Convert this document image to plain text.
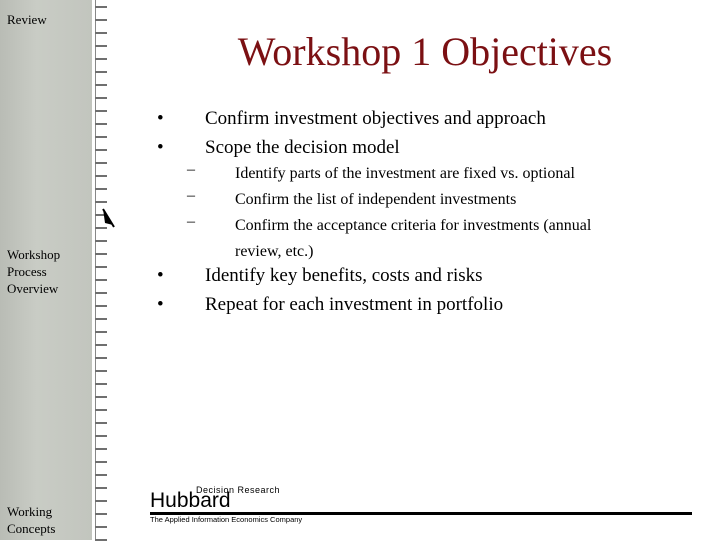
Review
Workshop Process Overview
Working Concepts
Workshop 1 Objectives
• Confirm investment objectives and approach
• Scope the decision model
–	Identify parts of the investment are fixed vs. optional
–	Confirm the list of independent investments
–	Confirm the acceptance criteria for investments (annual review, etc.)
• Identify key benefits, costs and risks
• Repeat for each investment in portfolio
Decision Research
Hubbard
The Applied Information Economics Company
